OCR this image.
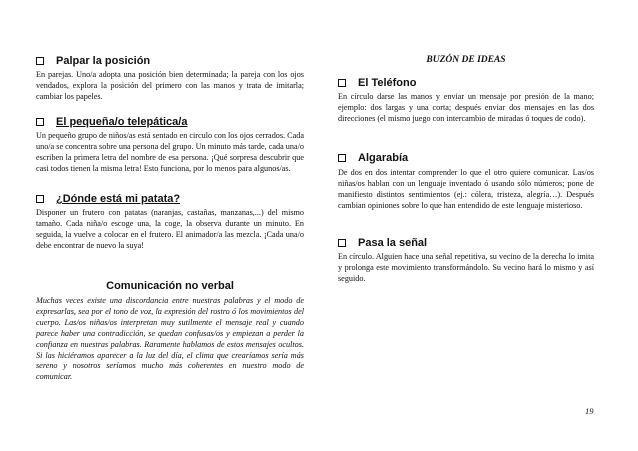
Palpar la posición

En parejas. Uno/a adopta una posición bien determinada; la pareja con los ojos vendados, explora la posición del primero con las manos y trata de imitarla; cambiar los papeles.

El pequeña/o telepática/a

Un pequeño grupo de niños/as está sentado en circulo con los ojos cerrados. Cada uno/a se concentra sobre una persona del grupo. Un minuto más tarde, cada una/o escriben la primera letra del nombre de esa persona. ¡Qué sorpresa descubrir que casi todos tienen la misma letra! Esto funciona, por lo menos para algunos/as.

¿Dónde está mi patata?

Disponer un frutero con patatas (naranjas, castañas, manzanas,...) del mismo tamaño. Cada niña/o escoge una, la coge, la observa durante un minuto. En seguida, la vuelve a colocar en el frutero. El animador/a las mezcla. ¡Cada una/o debe encontrar de nuevo la suya!

Comunicación no verbal

Muchas veces existe una discordancia entre nuestras palabras y el modo de expresarlas, sea por el tono de voz, la expresión del rostro ó los movimientos del cuerpo. Las/os niñas/os interpretan muy sutilmente el mensaje real y cuando parece haber una contradicción, se quedan confusas/os y empiezan a perder la confianza en nuestras palabras. Raramente hablamos de estos mensajes ocultos. Si las hiciéramos aparecer a la luz del día, el clima que crearíamos sería más sereno y nosotros seríamos mucho más coherentes en nuestro modo de comunicar.

BUZÓN DE IDEAS
El Teléfono

En círculo darse las manos y enviar un mensaje por presión de la mano; ejemplo: dos largas y una corta; después enviar dos mensajes en las dos direcciones (el mismo juego con intercambio de miradas ó toques de codo).

Algarabía

De dos en dos intentar comprender lo que el otro quiere comunicar. Las/os niñas/os hablan con un lenguaje inventado ó usando sólo números; pone de manifiesto distintos sentimientos (ej.: cólera, tristeza, alegría…). Después cambian opiniones sobre lo que han entendido de este lenguaje misterioso.

Pasa la señal

En círculo. Alguien hace una señal repetitiva, su vecino de la derecha lo imita y prolonga este movimiento transformándolo. Su vecino hará lo mismo y así seguido.

19
